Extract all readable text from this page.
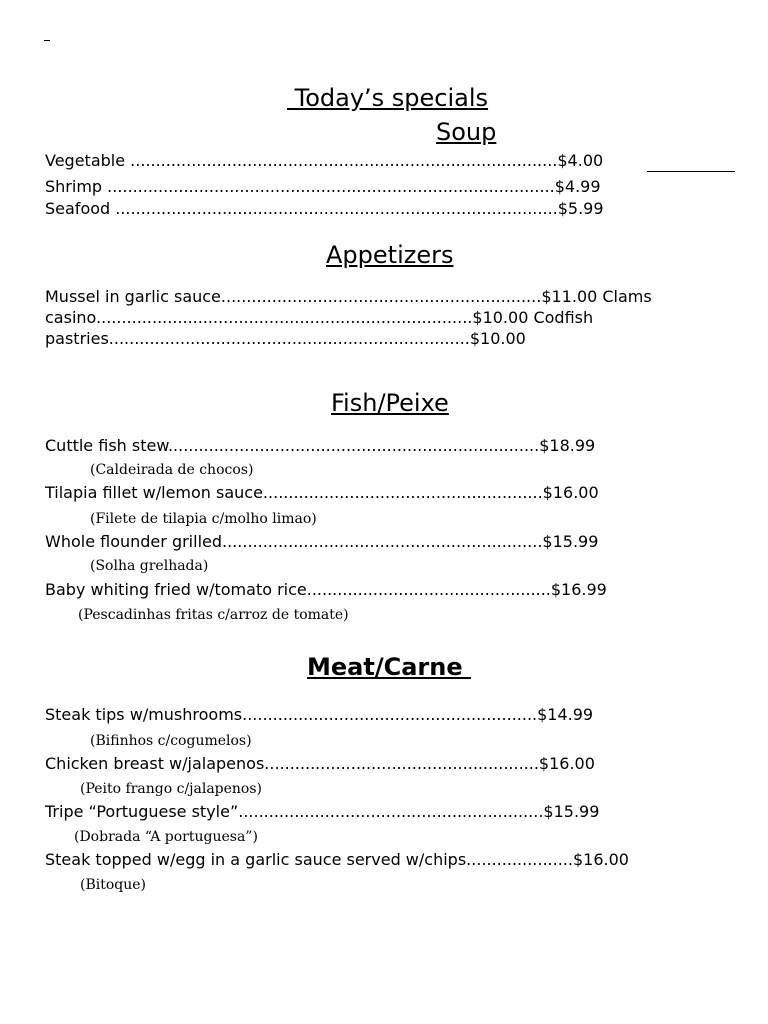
Today’s specials
Soup
Vegetable ....................................................................................$4.00
Shrimp ........................................................................................$4.99
Seafood .......................................................................................$5.99
Appetizers
Mussel in garlic sauce...............................................................$11.00 Clams
casino..........................................................................$10.00 Codfish
pastries.......................................................................$10.00
Fish/Peixe
Cuttle fish stew.........................................................................$18.99
(Caldeirada de chocos)
Tilapia fillet w/lemon sauce.......................................................$16.00
(Filete de tilapia c/molho limao)
Whole flounder grilled...............................................................$15.99
(Solha grelhada)
Baby whiting fried w/tomato rice................................................$16.99
(Pescadinhas fritas c/arroz de tomate)
Meat/Carne
Steak tips w/mushrooms..........................................................$14.99
(Bifinhos c/cogumelos)
Chicken breast w/jalapenos......................................................$16.00
(Peito frango c/jalapenos)
Tripe “Portuguese style”............................................................$15.99
(Dobrada “A portuguesa”)
Steak topped w/egg in a garlic sauce served w/chips.....................$16.00
(Bitoque)
